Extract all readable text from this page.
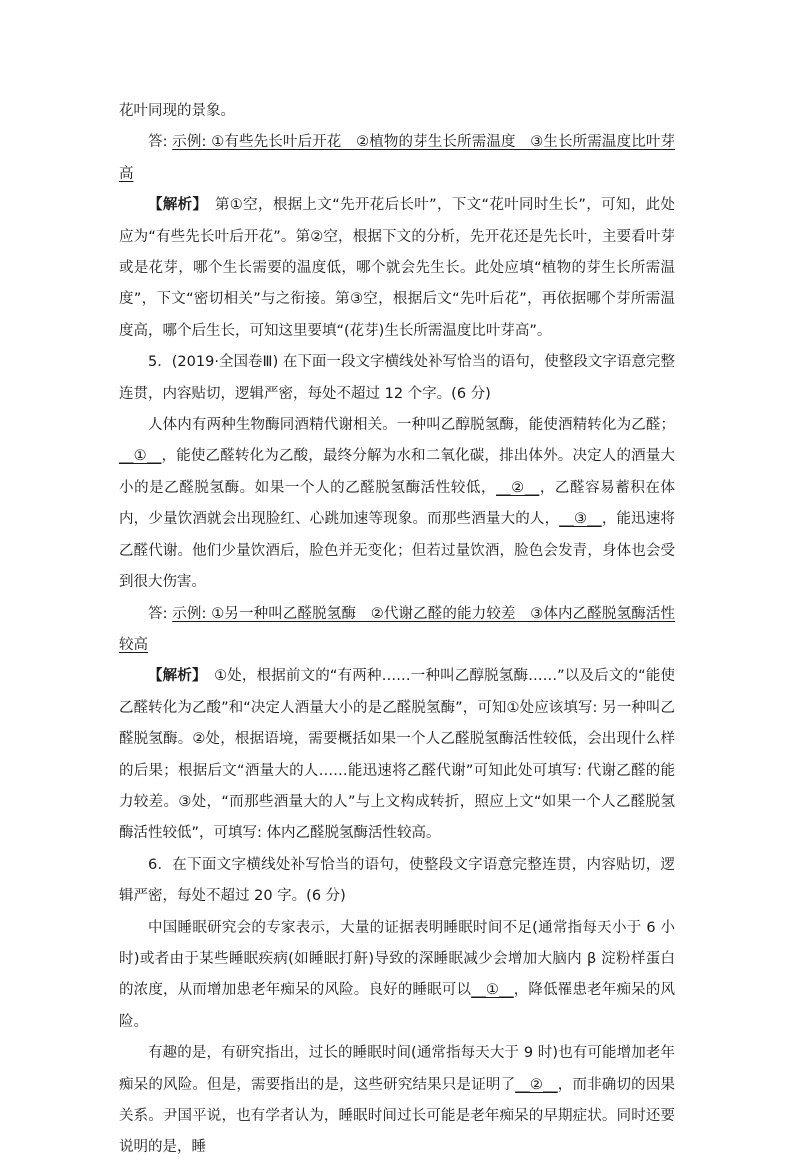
花叶同现的景象。

答: 示例: ①有些先长叶后开花　②植物的芽生长所需温度　③生长所需温度比叶芽高

【解析】　第①空，根据上文“先开花后长叶”，下文“花叶同时生长”，可知，此处应为“有些先长叶后开花”。第②空，根据下文的分析，先开花还是先长叶，主要看叶芽或是花芽，哪个生长需要的温度低，哪个就会先生长。此处应填“植物的芽生长所需温度”，下文“密切相关”与之衔接。第③空，根据后文“先叶后花”，再依据哪个芽所需温度高，哪个后生长，可知这里要填“(花芽)生长所需温度比叶芽高”。

5．(2019·全国卷Ⅲ) 在下面一段文字横线处补写恰当的语句，使整段文字语意完整连贯，内容贴切，逻辑严密，每处不超过 12 个字。(6 分)

人体内有两种生物酶同酒精代谢相关。一种叫乙醇脱氢酶，能使酒精转化为乙醛；__①__，能使乙醛转化为乙酸，最终分解为水和二氧化碳，排出体外。决定人的酒量大小的是乙醛脱氢酶。如果一个人的乙醛脱氢酶活性较低，__②__，乙醛容易蓄积在体内，少量饮酒就会出现脸红、心跳加速等现象。而那些酒量大的人，__③__，能迅速将乙醛代谢。他们少量饮酒后，脸色并无变化；但若过量饮酒，脸色会发青，身体也会受到很大伤害。

答: 示例: ①另一种叫乙醛脱氢酶　②代谢乙醛的能力较差　③体内乙醛脱氢酶活性较高

【解析】　①处，根据前文的“有两种……一种叫乙醇脱氢酶……”以及后文的“能使乙醛转化为乙酸”和“决定人酒量大小的是乙醛脱氢酶”，可知①处应该填写: 另一种叫乙醛脱氢酶。②处，根据语境，需要概括如果一个人乙醛脱氢酶活性较低，会出现什么样的后果；根据后文“酒量大的人……能迅速将乙醛代谢”可知此处可填写: 代谢乙醛的能力较差。③处，“而那些酒量大的人”与上文构成转折，照应上文“如果一个人乙醛脱氢酶活性较低”，可填写: 体内乙醛脱氢酶活性较高。

6．在下面文字横线处补写恰当的语句，使整段文字语意完整连贯，内容贴切，逻辑严密，每处不超过 20 字。(6 分)

中国睡眠研究会的专家表示，大量的证据表明睡眠时间不足(通常指每天小于 6 小时)或者由于某些睡眠疾病(如睡眠打鼾)导致的深睡眠减少会增加大脑内 β 淀粉样蛋白的浓度，从而增加患老年痴呆的风险。良好的睡眠可以__①__，降低罹患老年痴呆的风险。

有趣的是，有研究指出，过长的睡眠时间(通常指每天大于 9 时)也有可能增加老年痴呆的风险。但是，需要指出的是，这些研究结果只是证明了__②__，而非确切的因果关系。尹国平说，也有学者认为，睡眠时间过长可能是老年痴呆的早期症状。同时还要说明的是，睡
